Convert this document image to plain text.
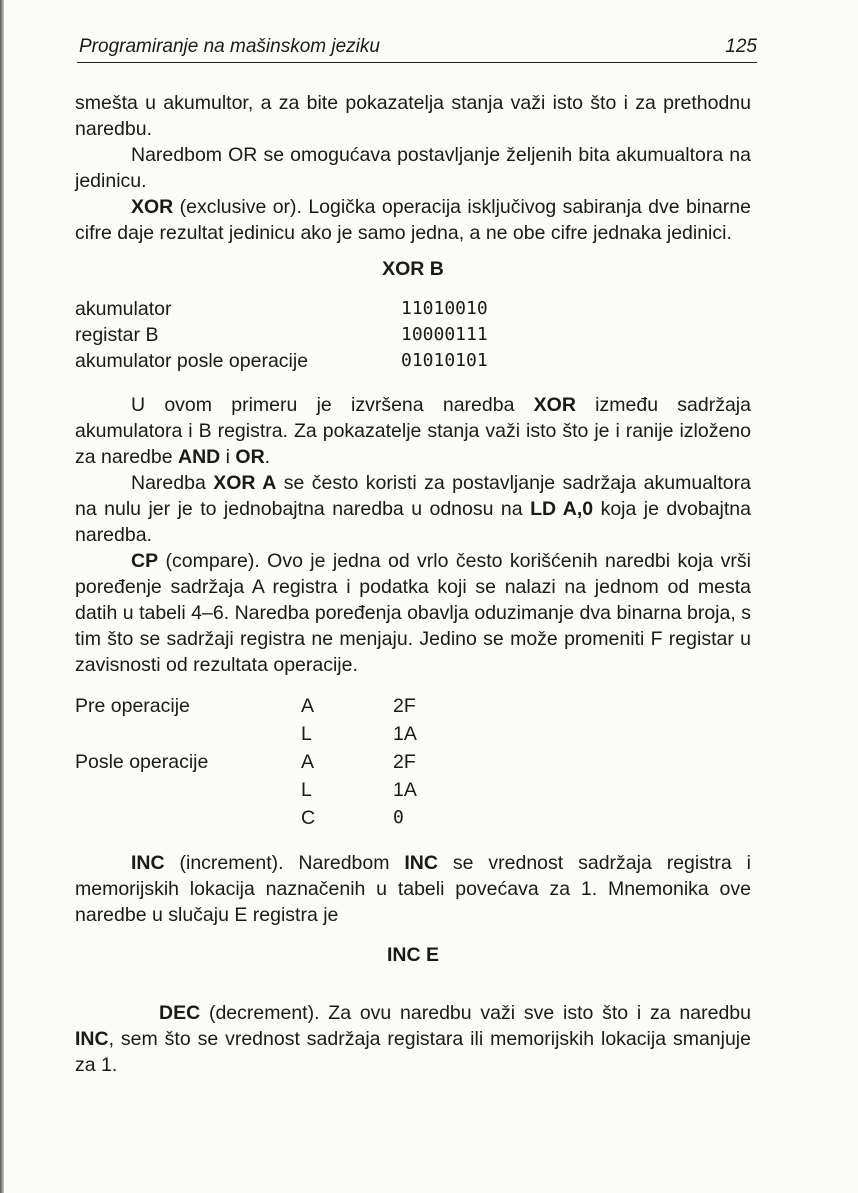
Programiranje na mašinskom jeziku	125

smešta u akumultor, a za bite pokazatelja stanja važi isto što i za prethodnu naredbu.

Naredbom OR se omogućava postavljanje željenih bita akumualtora na jedinicu.

XOR (exclusive or). Logička operacija isključivog sabiranja dve binarne cifre daje rezultat jedinicu ako je samo jedna, a ne obe cifre jednaka jedinici.

XOR B

akumulator	11010010
registar B	10000111
akumulator posle operacije	01010101

U ovom primeru je izvršena naredba XOR između sadržaja akumulatora i B registra. Za pokazatelje stanja važi isto što je i ranije izloženo za naredbe AND i OR.

Naredba XOR A se često koristi za postavljanje sadržaja akumualtora na nulu jer je to jednobajtna naredba u odnosu na LD A,0 koja je dvobajtna naredba.

CP (compare). Ovo je jedna od vrlo često korišćenih naredbi koja vrši poređenje sadržaja A registra i podatka koji se nalazi na jednom od mesta datih u tabeli 4–6. Naredba poređenja obavlja oduzimanje dva binarna broja, s tim što se sadržaji registra ne menjaju. Jedino se može promeniti F registar u zavisnosti od rezultata operacije.

Pre operacije	A	2F
	L	1A
Posle operacije	A	2F
	L	1A
	C	0

INC (increment). Naredbom INC se vrednost sadržaja registra i memorijskih lokacija naznačenih u tabeli povećava za 1. Mnemonika ove naredbe u slučaju E registra je

INC E

DEC (decrement). Za ovu naredbu važi sve isto što i za naredbu INC, sem što se vrednost sadržaja registara ili memorijskih lokacija smanjuje za 1.
